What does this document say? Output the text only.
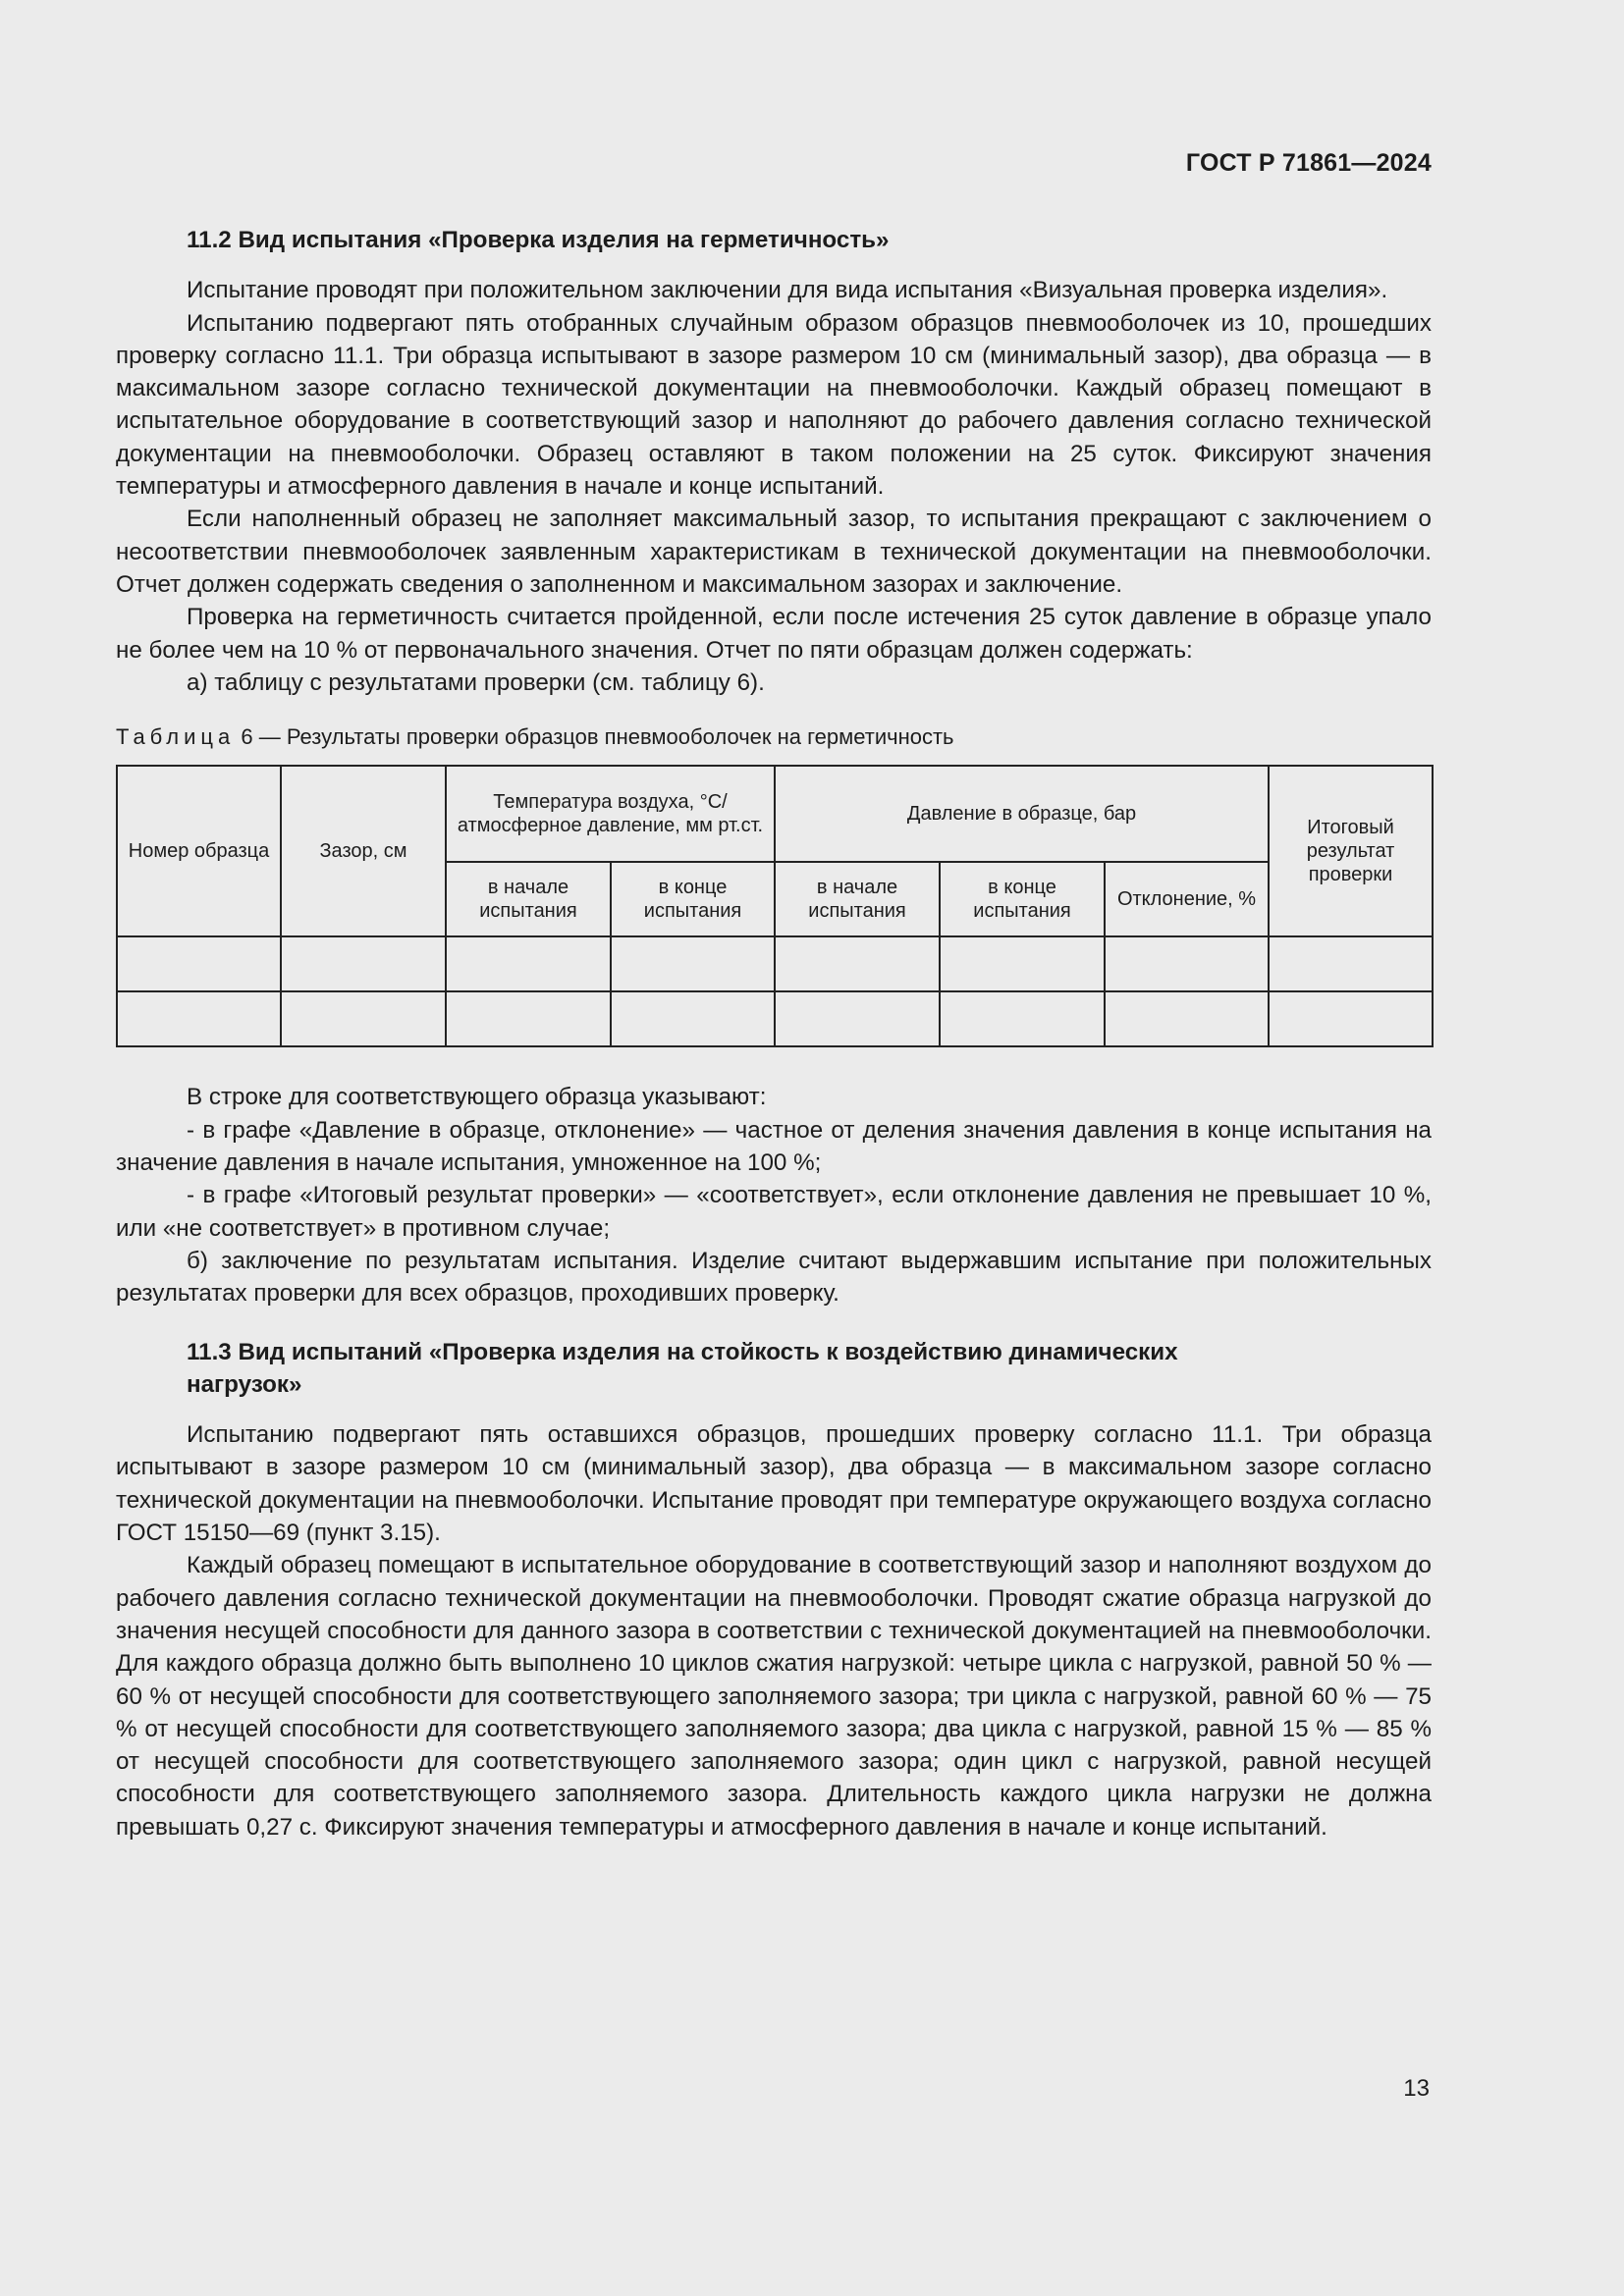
ГОСТ Р 71861—2024
11.2 Вид испытания «Проверка изделия на герметичность»

Испытание проводят при положительном заключении для вида испытания «Визуальная проверка изделия».

Испытанию подвергают пять отобранных случайным образом образцов пневмооболочек из 10, прошедших проверку согласно 11.1. Три образца испытывают в зазоре размером 10 см (минимальный зазор), два образца — в максимальном зазоре согласно технической документации на пневмооболочки. Каждый образец помещают в испытательное оборудование в соответствующий зазор и наполняют до рабочего давления согласно технической документации на пневмооболочки. Образец оставляют в таком положении на 25 суток. Фиксируют значения температуры и атмосферного давления в начале и конце испытаний.

Если наполненный образец не заполняет максимальный зазор, то испытания прекращают с заключением о несоответствии пневмооболочек заявленным характеристикам в технической документации на пневмооболочки. Отчет должен содержать сведения о заполненном и максимальном зазорах и заключение.

Проверка на герметичность считается пройденной, если после истечения 25 суток давление в образце упало не более чем на 10 % от первоначального значения. Отчет по пяти образцам должен содержать:

а) таблицу с результатами проверки (см. таблицу 6).

Таблица 6 — Результаты проверки образцов пневмооболочек на герметичность
Номер образца	Зазор, см	Температура воздуха, °С/атмосферное давление, мм рт.ст.		Давление в образце, бар			Итоговый результат проверки
		в начале испытания	в конце испытания	в начале испытания	в конце испытания	Отклонение, %	

В строке для соответствующего образца указывают:

- в графе «Давление в образце, отклонение» — частное от деления значения давления в конце испытания на значение давления в начале испытания, умноженное на 100 %;

- в графе «Итоговый результат проверки» — «соответствует», если отклонение давления не превышает 10 %, или «не соответствует» в противном случае;

б) заключение по результатам испытания. Изделие считают выдержавшим испытание при положительных результатах проверки для всех образцов, проходивших проверку.

11.3 Вид испытаний «Проверка изделия на стойкость к воздействию динамических
нагрузок»

Испытанию подвергают пять оставшихся образцов, прошедших проверку согласно 11.1. Три образца испытывают в зазоре размером 10 см (минимальный зазор), два образца — в максимальном зазоре согласно технической документации на пневмооболочки. Испытание проводят при температуре окружающего воздуха согласно ГОСТ 15150—69 (пункт 3.15).

Каждый образец помещают в испытательное оборудование в соответствующий зазор и наполняют воздухом до рабочего давления согласно технической документации на пневмооболочки. Проводят сжатие образца нагрузкой до значения несущей способности для данного зазора в соответствии с технической документацией на пневмооболочки. Для каждого образца должно быть выполнено 10 циклов сжатия нагрузкой: четыре цикла с нагрузкой, равной 50 % — 60 % от несущей способности для соответствующего заполняемого зазора; три цикла с нагрузкой, равной 60 % — 75 % от несущей способности для соответствующего заполняемого зазора; два цикла с нагрузкой, равной 15 % — 85 % от несущей способности для соответствующего заполняемого зазора; один цикл с нагрузкой, равной несущей способности для соответствующего заполняемого зазора. Длительность каждого цикла нагрузки не должна превышать 0,27 с. Фиксируют значения температуры и атмосферного давления в начале и конце испытаний.

13
